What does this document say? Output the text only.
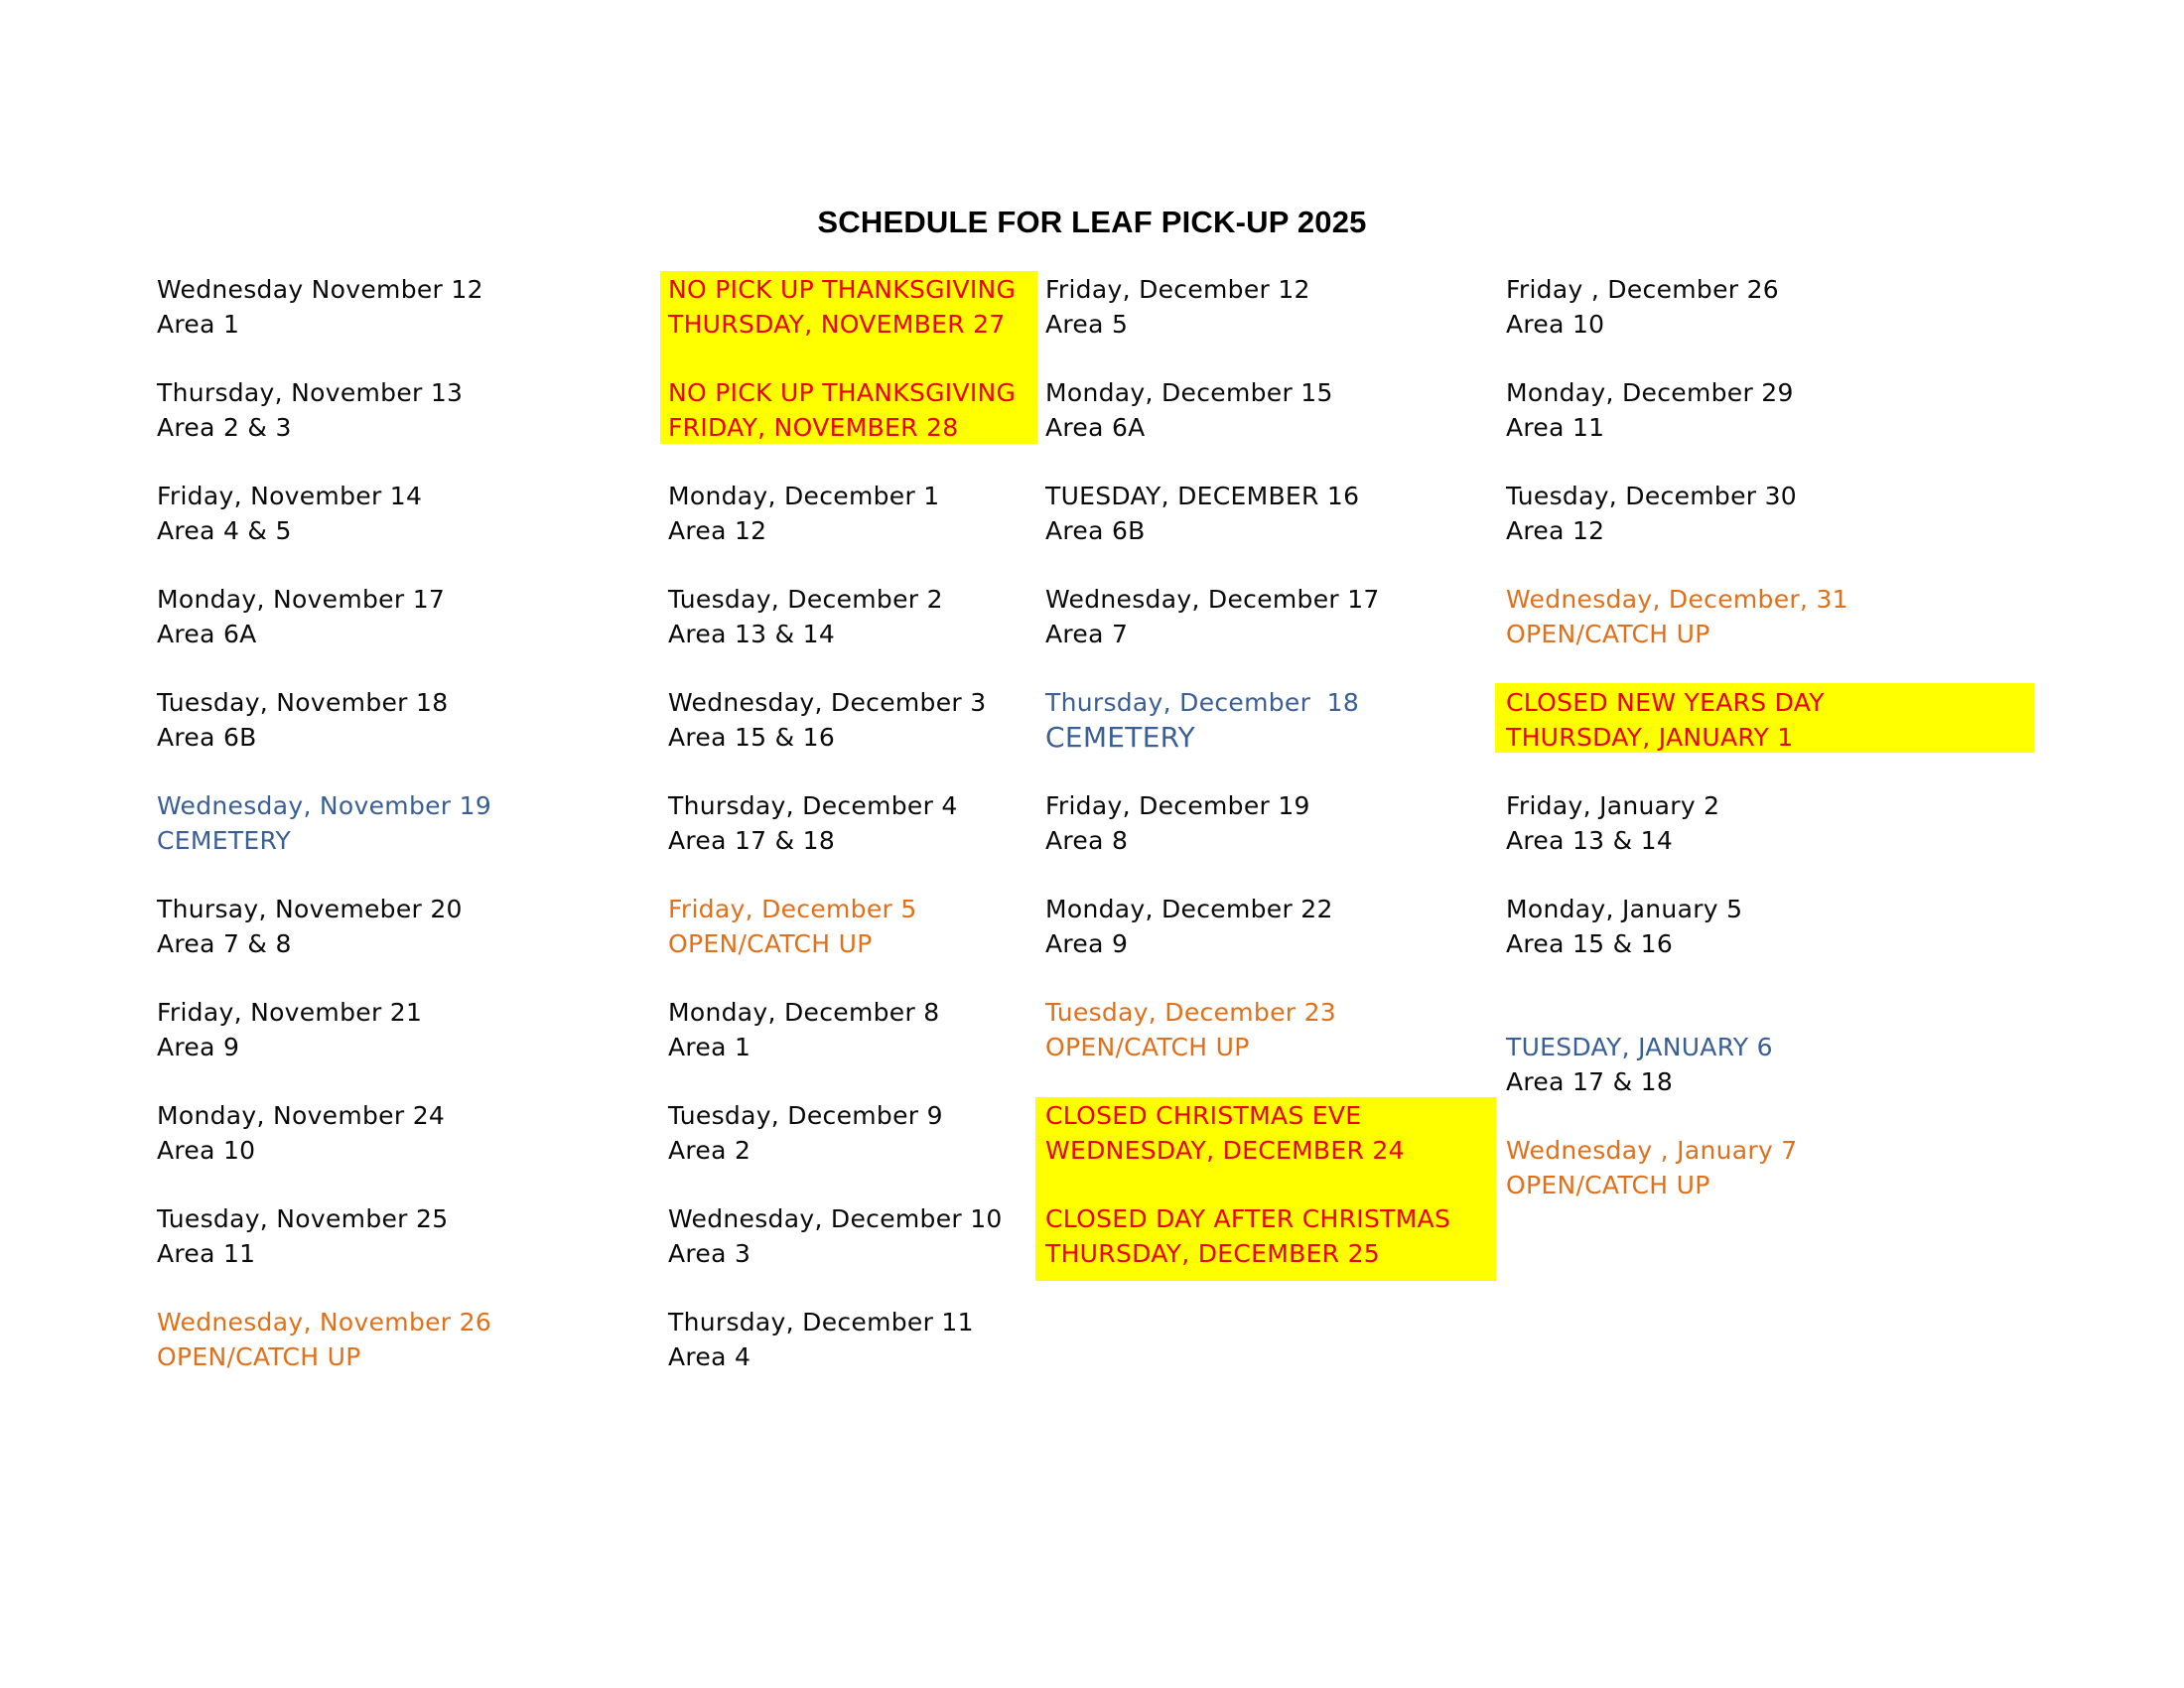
SCHEDULE FOR LEAF PICK-UP 2025
Wednesday November 12
Area 1
Thursday, November 13
Area 2 & 3
Friday, November 14
Area 4 & 5
Monday, November 17
Area 6A
Tuesday, November 18
Area 6B
Wednesday, November 19
CEMETERY
Thursay, Novemeber 20
Area 7 & 8
Friday, November 21
Area 9
Monday, November 24
Area 10
Tuesday, November 25
Area 11
Wednesday, November 26
OPEN/CATCH UP
NO PICK UP THANKSGIVING
THURSDAY, NOVEMBER 27
NO PICK UP THANKSGIVING
FRIDAY, NOVEMBER 28
Monday, December 1
Area 12
Tuesday, December 2
Area 13 & 14
Wednesday, December 3
Area 15 & 16
Thursday, December 4
Area 17 & 18
Friday, December 5
OPEN/CATCH UP
Monday, December 8
Area 1
Tuesday, December 9
Area 2
Wednesday, December 10
Area 3
Thursday, December 11
Area 4
Friday, December 12
Area 5
Monday, December 15
Area 6A
TUESDAY, DECEMBER 16
Area 6B
Wednesday, December 17
Area 7
Thursday, December  18
CEMETERY
Friday, December 19
Area 8
Monday, December 22
Area 9
Tuesday, December 23
OPEN/CATCH UP
CLOSED CHRISTMAS EVE
WEDNESDAY, DECEMBER 24
CLOSED DAY AFTER CHRISTMAS
THURSDAY, DECEMBER 25
Friday , December 26
Area 10
Monday, December 29
Area 11
Tuesday, December 30
Area 12
Wednesday, December, 31
OPEN/CATCH UP
CLOSED NEW YEARS DAY
THURSDAY, JANUARY 1
Friday, January 2
Area 13 & 14
Monday, January 5
Area 15 & 16
TUESDAY, JANUARY 6
Area 17 & 18
Wednesday , January 7
OPEN/CATCH UP
